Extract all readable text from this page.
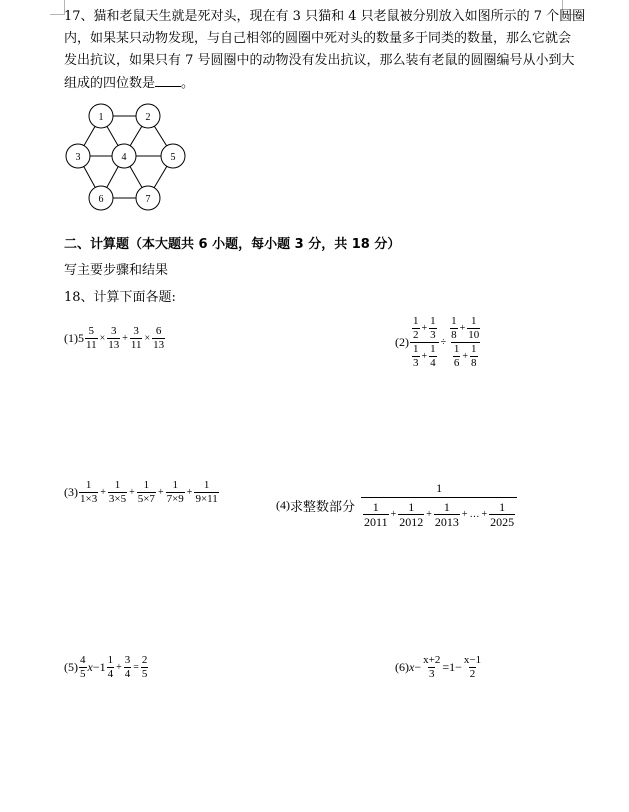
17、猫和老鼠天生就是死对头，现在有 3 只猫和 4 只老鼠被分别放入如图所示的 7 个圆圈
内，如果某只动物发现，与自己相邻的圆圈中死对头的数量多于同类的数量，那么它就会
发出抗议，如果只有 7 号圆圈中的动物没有发出抗议，那么装有老鼠的圆圈编号从小到大
组成的四位数是 。
1	2
3	4	5
6	7
二、计算题（本大题共 6 小题，每小题 3 分，共 18 分）
写主要步骤和结果
18、计算下面各题:
(1) $5 \frac{5}{11} \times \frac{3}{13} + \frac{3}{11} \times \frac{6}{13}$	$(2) \frac{\frac{1}{2} + \frac{1}{3}}{\frac{1}{3} + \frac{1}{4}} \div \frac{\frac{1}{8} + \frac{1}{10}}{\frac{1}{6} + \frac{1}{8}}$
$(3) \frac{1}{1\times 3} + \frac{1}{3\times 5} + \frac{1}{5\times 7} + \frac{1}{7\times 9} + \frac{1}{9\times 11}$	(4) 求整数部分
1
$\frac{1}{2011} + \frac{1}{2012} + \frac{1}{2013}$ + … + $\frac{1}{2025}$
$(5) \frac{4}{5}$ $x -1 \frac{1}{4} + \frac{3}{4} = \frac{2}{5}$	(6) $x - \frac{x+2}{3} =1- \frac{x-1}{2}$
